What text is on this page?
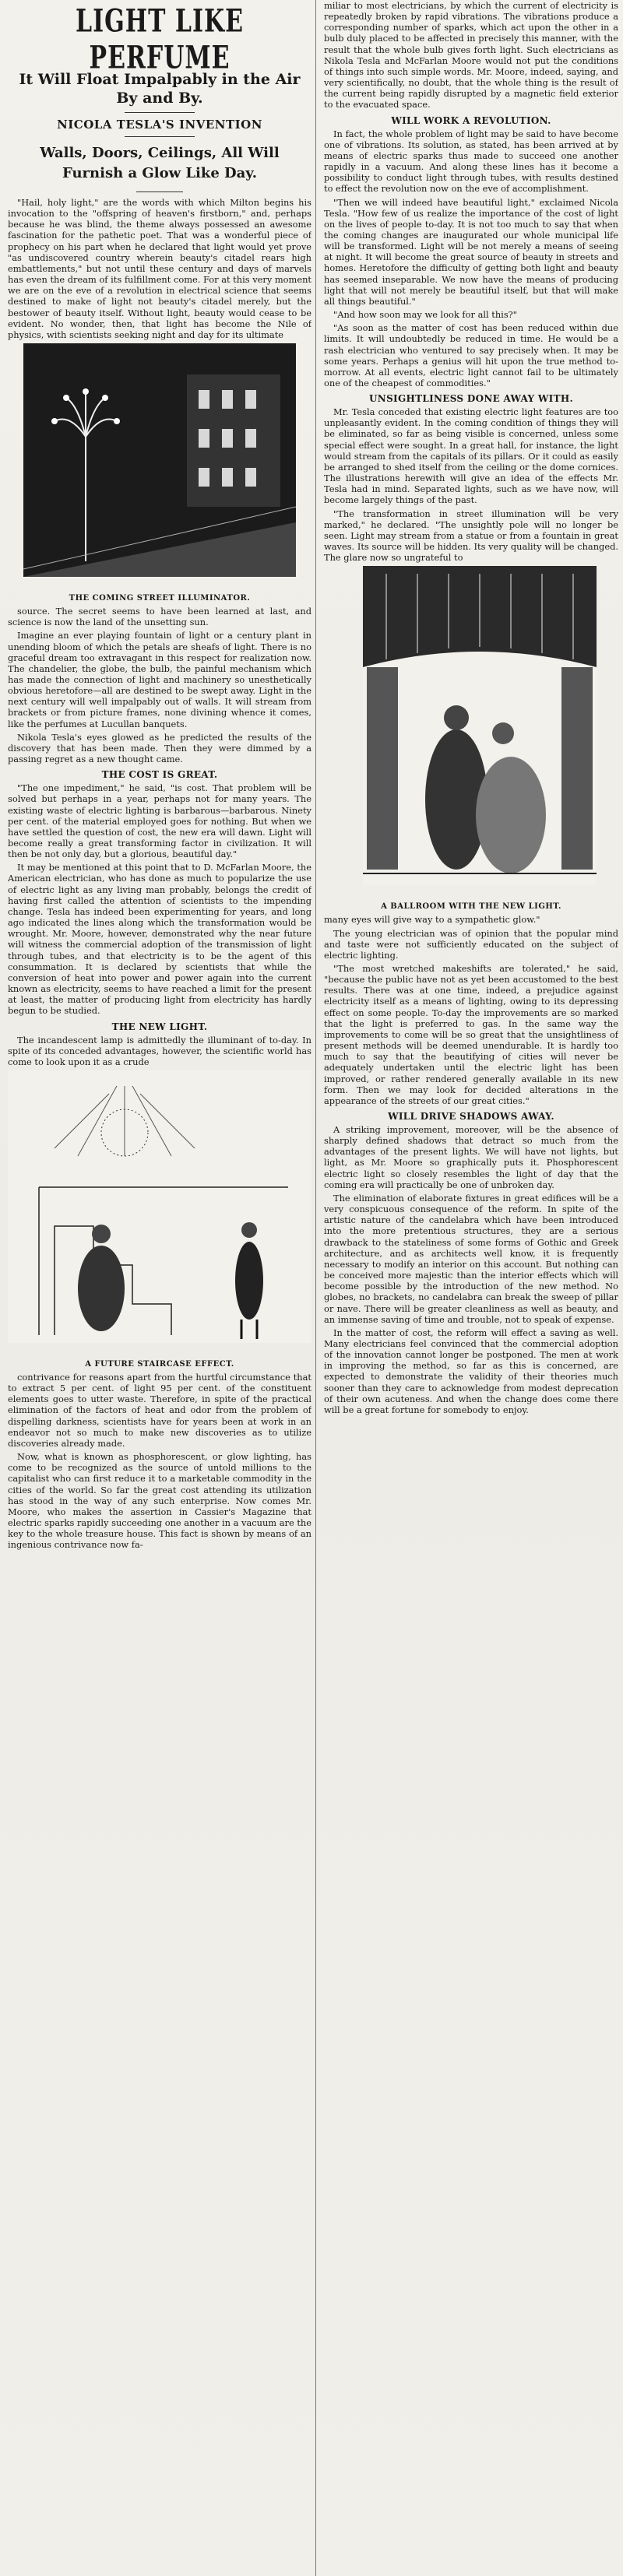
LIGHT LIKE PERFUME
It Will Float Impalpably in the Air By and By.
NICOLA TESLA'S INVENTION
Walls, Doors, Ceilings, All Will Furnish a Glow Like Day.

"Hail, holy light," are the words with which Milton begins his invocation to the "offspring of heaven's firstborn," and, perhaps because he was blind, the theme always possessed an awesome fascination for the pathetic poet. That was a wonderful piece of prophecy on his part when he declared that light would yet prove "as undiscovered country wherein beauty's citadel rears high embattlements," but not until these century and days of marvels has even the dream of its fulfillment come. For at this very moment we are on the eve of a revolution in electrical science that seems destined to make of light not beauty's citadel merely, but the bestower of beauty itself. Without light, beauty would cease to be evident. No wonder, then, that light has become the Nile of physics, with scientists seeking night and day for its ultimate

THE COMING STREET ILLUMINATOR.

source. The secret seems to have been learned at last, and science is now the land of the unsetting sun.

Imagine an ever playing fountain of light or a century plant in unending bloom of which the petals are sheafs of light. There is no graceful dream too extravagant in this respect for realization now. The chandelier, the globe, the bulb, the painful mechanism which has made the connection of light and machinery so unesthetically obvious heretofore—all are destined to be swept away. Light in the next century will well impalpably out of walls. It will stream from brackets or from picture frames, none divining whence it comes, like the perfumes at Lucullan banquets.

Nikola Tesla's eyes glowed as he predicted the results of the discovery that has been made. Then they were dimmed by a passing regret as a new thought came.

THE COST IS GREAT.

"The one impediment," he said, "is cost. That problem will be solved but perhaps in a year, perhaps not for many years. The existing waste of electric lighting is barbarous—barbarous. Ninety per cent. of the material employed goes for nothing. But when we have settled the question of cost, the new era will dawn. Light will become really a great transforming factor in civilization. It will then be not only day, but a glorious, beautiful day."

It may be mentioned at this point that to D. McFarlan Moore, the American electrician, who has done as much to popularize the use of electric light as any living man probably, belongs the credit of having first called the attention of scientists to the impending change. Tesla has indeed been experimenting for years, and long ago indicated the lines along which the transformation would be wrought. Mr. Moore, however, demonstrated why the near future will witness the commercial adoption of the transmission of light through tubes, and that electricity is to be the agent of this consummation. It is declared by scientists that while the conversion of heat into power and power again into the current known as electricity, seems to have reached a limit for the present at least, the matter of producing light from electricity has hardly begun to be studied.

THE NEW LIGHT.

The incandescent lamp is admittedly the illuminant of to-day. In spite of its conceded advantages, however, the scientific world has come to look upon it as a crude

A FUTURE STAIRCASE EFFECT.

contrivance for reasons apart from the hurtful circumstance that to extract 5 per cent. of light 95 per cent. of the constituent elements goes to utter waste. Therefore, in spite of the practical elimination of the factors of heat and odor from the problem of dispelling darkness, scientists have for years been at work in an endeavor not so much to make new discoveries as to utilize discoveries already made.

Now, what is known as phosphorescent, or glow lighting, has come to be recognized as the source of untold millions to the capitalist who can first reduce it to a marketable commodity in the cities of the world. So far the great cost attending its utilization has stood in the way of any such enterprise. Now comes Mr. Moore, who makes the assertion in Cassier's Magazine that electric sparks rapidly succeeding one another in a vacuum are the key to the whole treasure house. This fact is shown by means of an ingenious contrivance now fa-

miliar to most electricians, by which the current of electricity is repeatedly broken by rapid vibrations. The vibrations produce a corresponding number of sparks, which act upon the other in a bulb duly placed to be affected in precisely this manner, with the result that the whole bulb gives forth light. Such electricians as Nikola Tesla and McFarlan Moore would not put the conditions of things into such simple words. Mr. Moore, indeed, saying, and very scientifically, no doubt, that the whole thing is the result of the current being rapidly disrupted by a magnetic field exterior to the evacuated space.

WILL WORK A REVOLUTION.

In fact, the whole problem of light may be said to have become one of vibrations. Its solution, as stated, has been arrived at by means of electric sparks thus made to succeed one another rapidly in a vacuum. And along these lines has it become a possibility to conduct light through tubes, with results destined to effect the revolution now on the eve of accomplishment.

"Then we will indeed have beautiful light," exclaimed Nicola Tesla. "How few of us realize the importance of the cost of light on the lives of people to-day. It is not too much to say that when the coming changes are inaugurated our whole municipal life will be transformed. Light will be not merely a means of seeing at night. It will become the great source of beauty in streets and homes. Heretofore the difficulty of getting both light and beauty has seemed inseparable. We now have the means of producing light that will not merely be beautiful itself, but that will make all things beautiful."

"And how soon may we look for all this?"

"As soon as the matter of cost has been reduced within due limits. It will undoubtedly be reduced in time. He would be a rash electrician who ventured to say precisely when. It may be some years. Perhaps a genius will hit upon the true method to-morrow. At all events, electric light cannot fail to be ultimately one of the cheapest of commodities."

UNSIGHTLINESS DONE AWAY WITH.

Mr. Tesla conceded that existing electric light features are too unpleasantly evident. In the coming condition of things they will be eliminated, so far as being visible is concerned, unless some special effect were sought. In a great hall, for instance, the light would stream from the capitals of its pillars. Or it could as easily be arranged to shed itself from the ceiling or the dome cornices. The illustrations herewith will give an idea of the effects Mr. Tesla had in mind. Separated lights, such as we have now, will become largely things of the past.

"The transformation in street illumination will be very marked," he declared. "The unsightly pole will no longer be seen. Light may stream from a statue or from a fountain in great waves. Its source will be hidden. Its very quality will be changed. The glare now so ungrateful to

A BALLROOM WITH THE NEW LIGHT.

many eyes will give way to a sympathetic glow."

The young electrician was of opinion that the popular mind and taste were not sufficiently educated on the subject of electric lighting.

"The most wretched makeshifts are tolerated," he said, "because the public have not as yet been accustomed to the best results. There was at one time, indeed, a prejudice against electricity itself as a means of lighting, owing to its depressing effect on some people. To-day the improvements are so marked that the light is preferred to gas. In the same way the improvements to come will be so great that the unsightliness of present methods will be deemed unendurable. It is hardly too much to say that the beautifying of cities will never be adequately undertaken until the electric light has been improved, or rather rendered generally available in its new form. Then we may look for decided alterations in the appearance of the streets of our great cities."

WILL DRIVE SHADOWS AWAY.

A striking improvement, moreover, will be the absence of sharply defined shadows that detract so much from the advantages of the present lights. We will have not lights, but light, as Mr. Moore so graphically puts it. Phosphorescent electric light so closely resembles the light of day that the coming era will practically be one of unbroken day.

The elimination of elaborate fixtures in great edifices will be a very conspicuous consequence of the reform. In spite of the artistic nature of the candelabra which have been introduced into the more pretentious structures, they are a serious drawback to the stateliness of some forms of Gothic and Greek architecture, and as architects well know, it is frequently necessary to modify an interior on this account. But nothing can be conceived more majestic than the interior effects which will become possible by the introduction of the new method. No globes, no brackets, no candelabra can break the sweep of pillar or nave. There will be greater cleanliness as well as beauty, and an immense saving of time and trouble, not to speak of expense.

In the matter of cost, the reform will effect a saving as well. Many electricians feel convinced that the commercial adoption of the innovation cannot longer be postponed. The men at work in improving the method, so far as this is concerned, are expected to demonstrate the validity of their theories much sooner than they care to acknowledge from modest deprecation of their own acuteness. And when the change does come there will be a great fortune for somebody to enjoy.
